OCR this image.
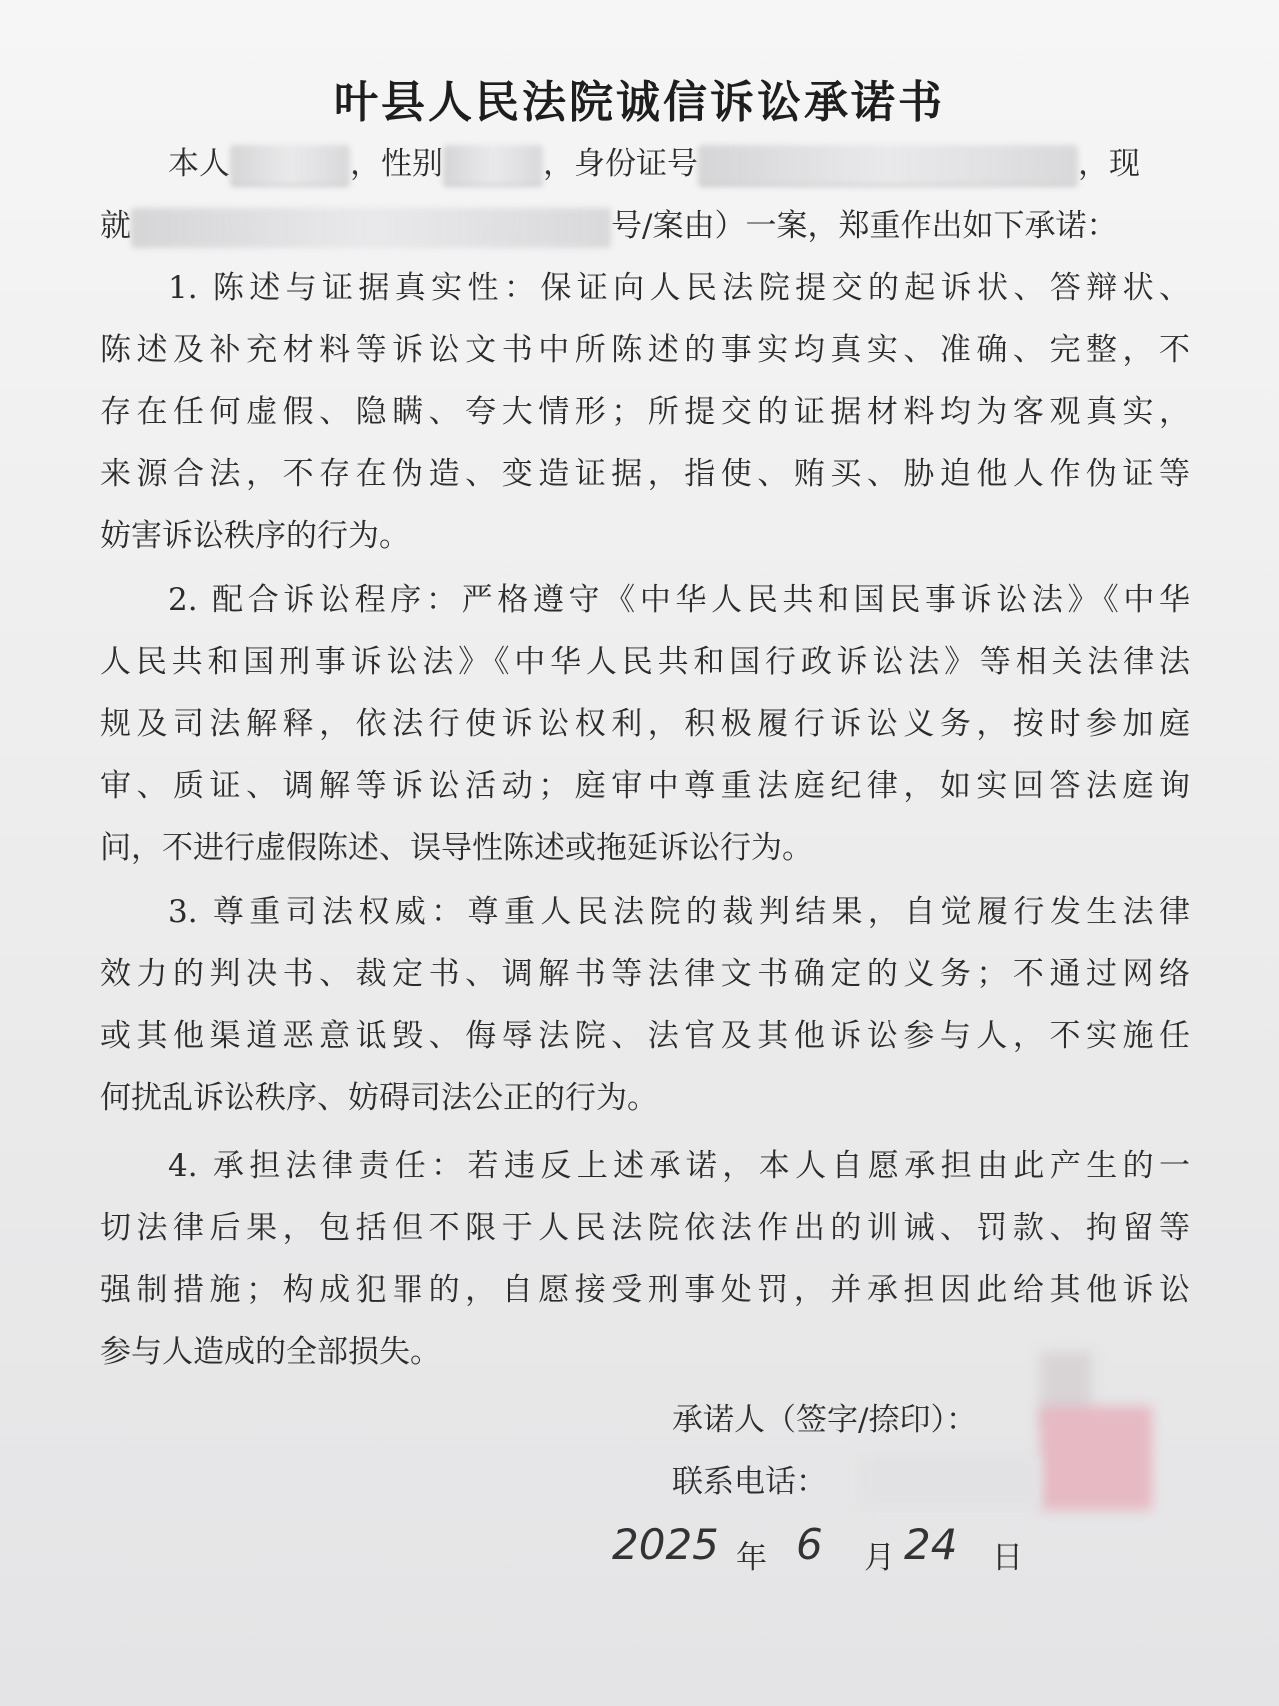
叶县人民法院诚信诉讼承诺书
本人	，性别	，身份证号	，现
就	号/案由）一案，郑重作出如下承诺：
1. 陈述与证据真实性：保证向人民法院提交的起诉状、答辩状、
陈述及补充材料等诉讼文书中所陈述的事实均真实、准确、完整，不
存在任何虚假、隐瞒、夸大情形；所提交的证据材料均为客观真实，
来源合法，不存在伪造、变造证据，指使、贿买、胁迫他人作伪证等
妨害诉讼秩序的行为。
2. 配合诉讼程序：严格遵守《中华人民共和国民事诉讼法》《中华
人民共和国刑事诉讼法》《中华人民共和国行政诉讼法》等相关法律法
规及司法解释，依法行使诉讼权利，积极履行诉讼义务，按时参加庭
审、质证、调解等诉讼活动；庭审中尊重法庭纪律，如实回答法庭询
问，不进行虚假陈述、误导性陈述或拖延诉讼行为。
3. 尊重司法权威：尊重人民法院的裁判结果，自觉履行发生法律
效力的判决书、裁定书、调解书等法律文书确定的义务；不通过网络
或其他渠道恶意诋毁、侮辱法院、法官及其他诉讼参与人，不实施任
何扰乱诉讼秩序、妨碍司法公正的行为。
4. 承担法律责任：若违反上述承诺，本人自愿承担由此产生的一
切法律后果，包括但不限于人民法院依法作出的训诫、罚款、拘留等
强制措施；构成犯罪的，自愿接受刑事处罚，并承担因此给其他诉讼
参与人造成的全部损失。
承诺人（签字/捺印）：
联系电话：
2025 年 6 月 24 日
